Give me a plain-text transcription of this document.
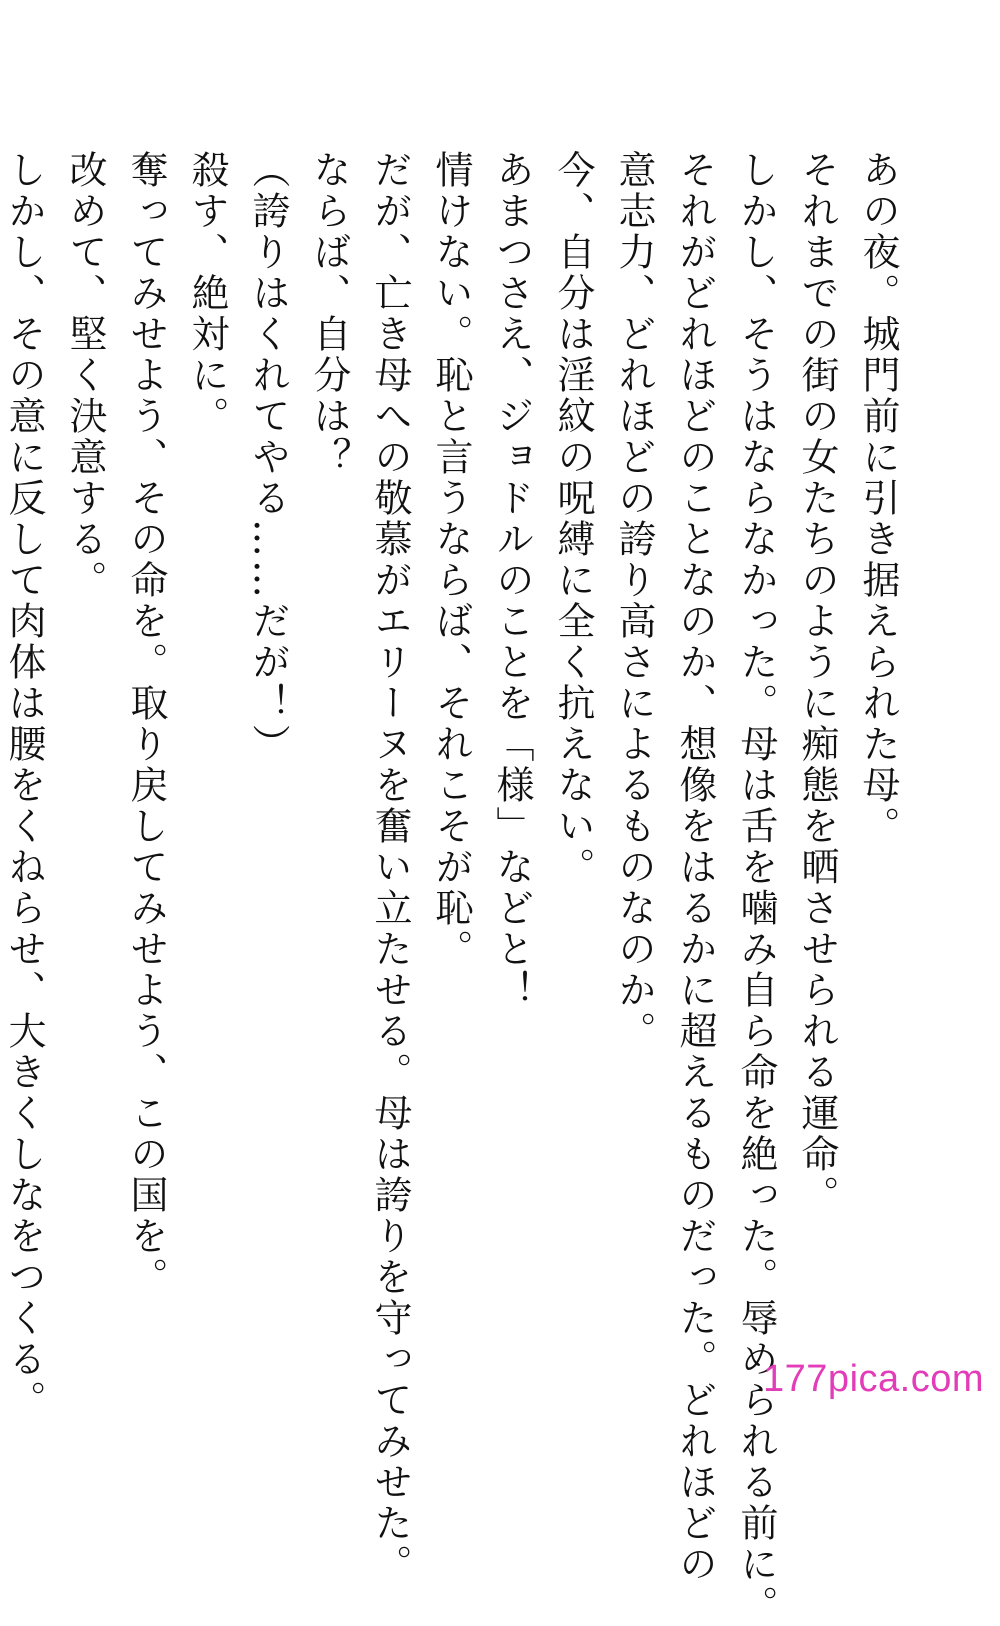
あの夜。城門前に引き据えられた母。
それまでの街の女たちのように痴態を晒させられる運命。
しかし、そうはならなかった。母は舌を噛み自ら命を絶った。辱められる前に。
それがどれほどのことなのか、想像をはるかに超えるものだった。どれほどの
意志力、どれほどの誇り高さによるものなのか。
今、自分は淫紋の呪縛に全く抗えない。
あまつさえ、ジョドルのことを「様」などと！
情けない。恥と言うならば、それこそが恥。
だが、亡き母への敬慕がエリーヌを奮い立たせる。母は誇りを守ってみせた。
ならば、自分は？
（誇りはくれてやる……だが！）
殺す、絶対に。
奪ってみせよう、その命を。取り戻してみせよう、この国を。
改めて、堅く決意する。
しかし、その意に反して肉体は腰をくねらせ、大きくしなをつくる。	177pica.com
